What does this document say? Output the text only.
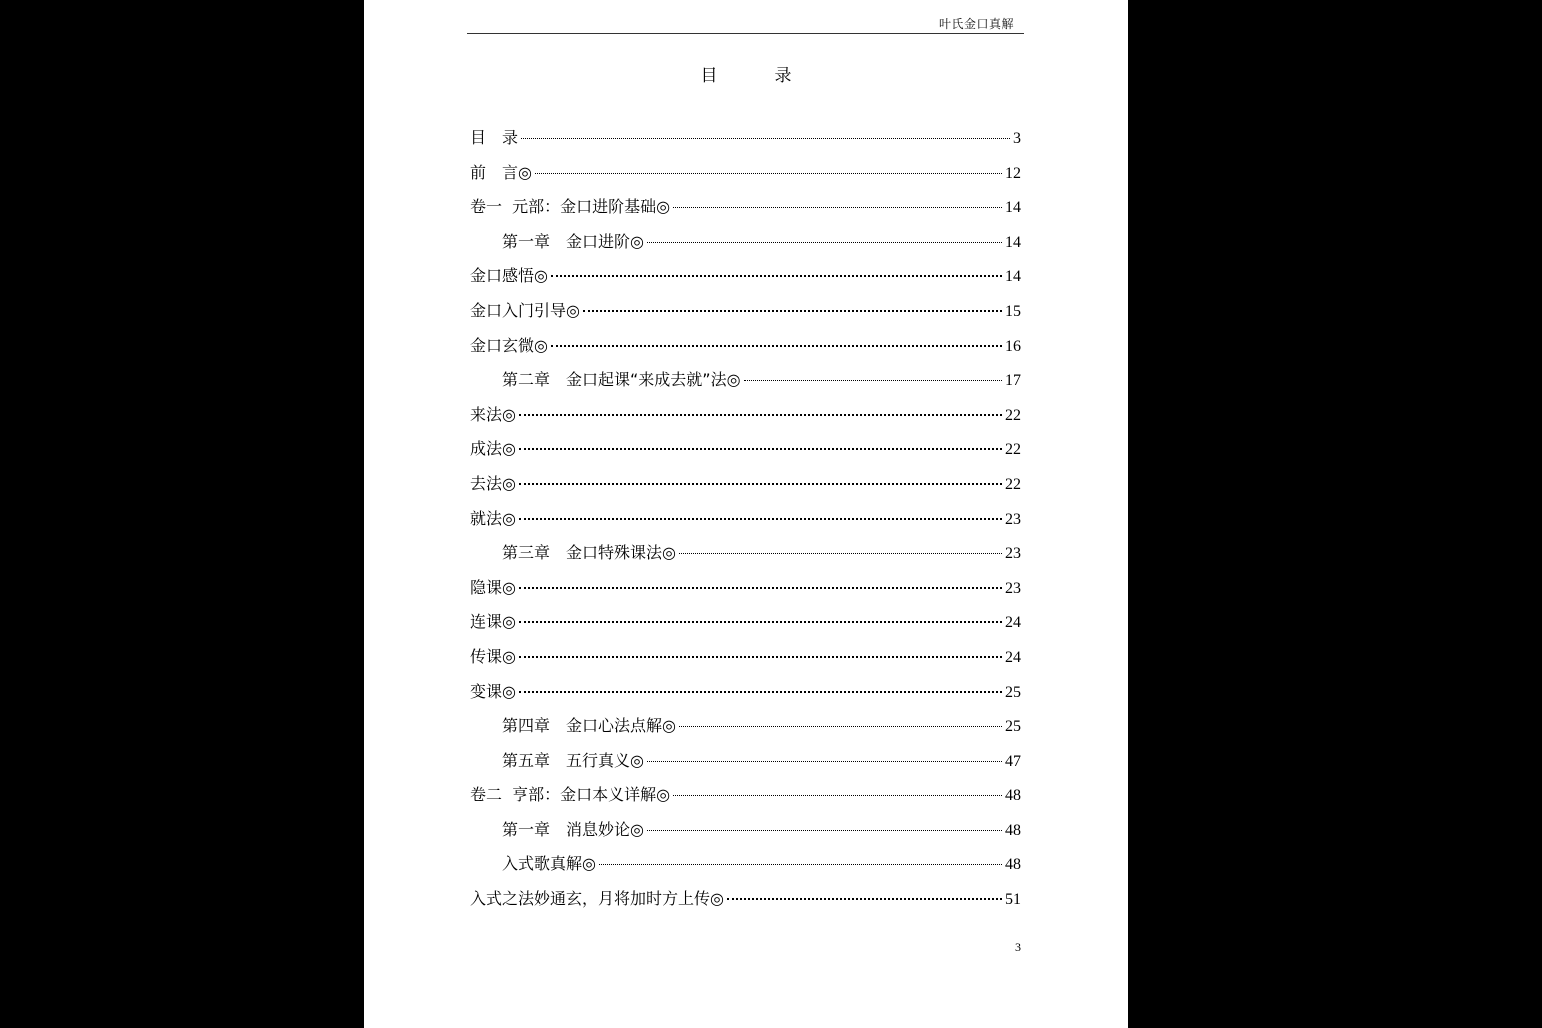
叶氏金口真解
目　录
目　录	3
前　言◎	12
卷一  元部：金口进阶基础◎	14
第一章　金口进阶◎	14
金口感悟◎	14
金口入门引导◎	15
金口玄微◎	16
第二章　金口起课“来成去就”法◎	17
来法◎	22
成法◎	22
去法◎	22
就法◎	23
第三章　金口特殊课法◎	23
隐课◎	23
连课◎	24
传课◎	24
变课◎	25
第四章　金口心法点解◎	25
第五章　五行真义◎	47
卷二  亨部：金口本义详解◎	48
第一章　消息妙论◎	48
入式歌真解◎	48
入式之法妙通玄，月将加时方上传◎	51
3
